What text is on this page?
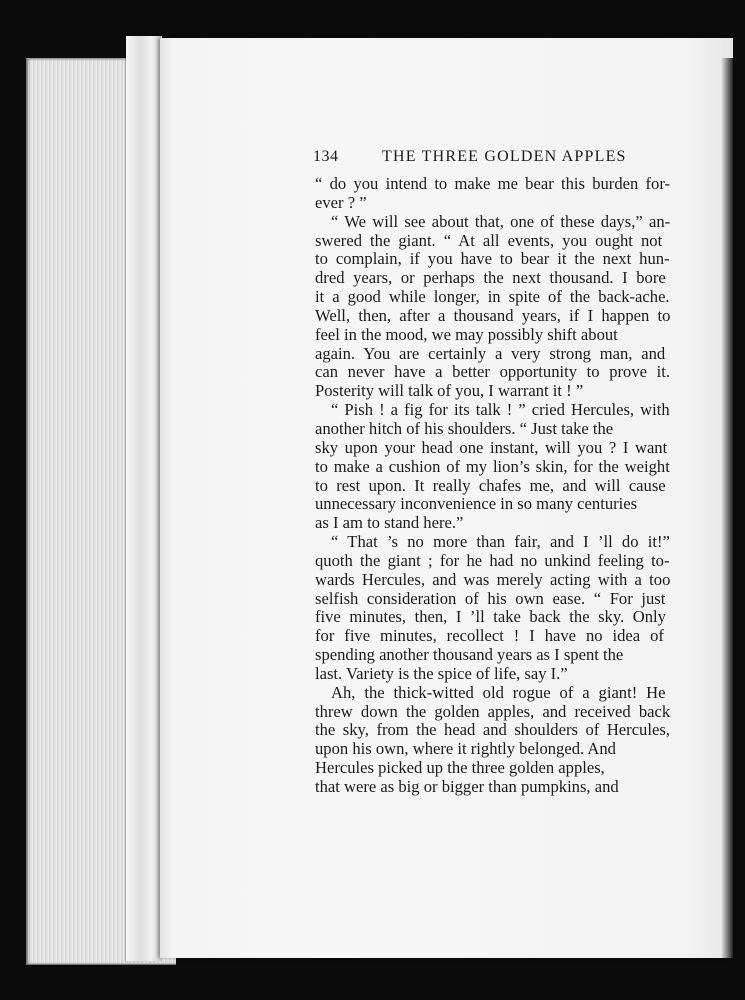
134	THE THREE GOLDEN APPLES
“ do you intend to make me bear this burden for-
ever ? ”
“ We will see about that, one of these days,” an-
swered the giant. “ At all events, you ought not
to complain, if you have to bear it the next hun-
dred years, or perhaps the next thousand. I bore
it a good while longer, in spite of the back-ache.
Well, then, after a thousand years, if I happen to
feel in the mood, we may possibly shift about
again. You are certainly a very strong man, and
can never have a better opportunity to prove it.
Posterity will talk of you, I warrant it ! ”
“ Pish ! a fig for its talk ! ” cried Hercules, with
another hitch of his shoulders. “ Just take the
sky upon your head one instant, will you ? I want
to make a cushion of my lion’s skin, for the weight
to rest upon. It really chafes me, and will cause
unnecessary inconvenience in so many centuries
as I am to stand here.”
“ That ’s no more than fair, and I ’ll do it!”
quoth the giant ; for he had no unkind feeling to-
wards Hercules, and was merely acting with a too
selfish consideration of his own ease. “ For just
five minutes, then, I ’ll take back the sky. Only
for five minutes, recollect ! I have no idea of
spending another thousand years as I spent the
last. Variety is the spice of life, say I.”
Ah, the thick-witted old rogue of a giant! He
threw down the golden apples, and received back
the sky, from the head and shoulders of Hercules,
upon his own, where it rightly belonged. And
Hercules picked up the three golden apples,
that were as big or bigger than pumpkins, and
